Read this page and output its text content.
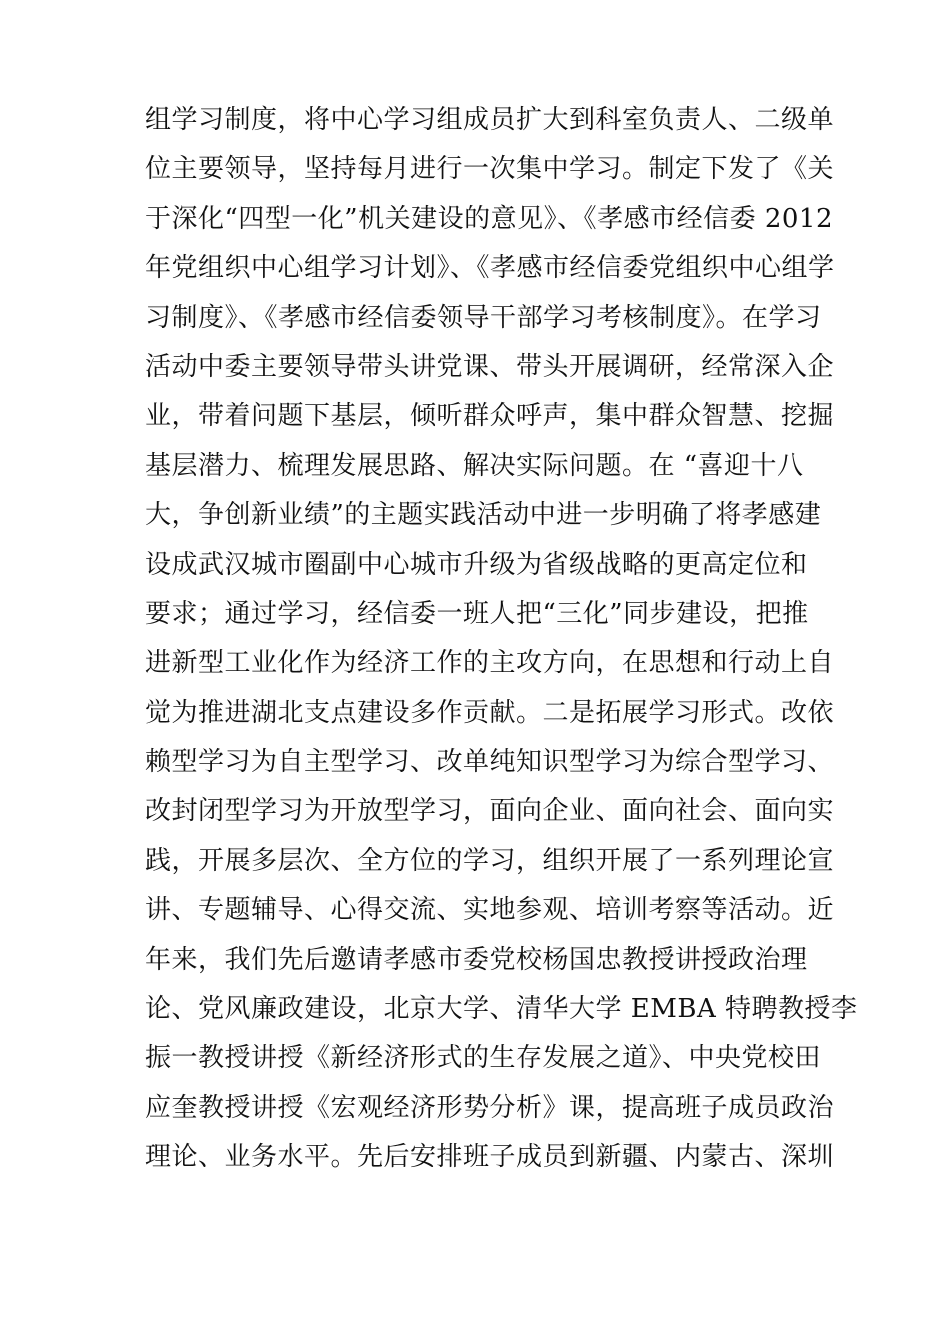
组学习制度，将中心学习组成员扩大到科室负责人、二级单
位主要领导，坚持每月进行一次集中学习。制定下发了《关
于深化“四型一化”机关建设的意见》、《孝感市经信委 2012
年党组织中心组学习计划》、《孝感市经信委党组织中心组学
习制度》、《孝感市经信委领导干部学习考核制度》。在学习
活动中委主要领导带头讲党课、带头开展调研，经常深入企
业，带着问题下基层，倾听群众呼声，集中群众智慧、挖掘
基层潜力、梳理发展思路、解决实际问题。在 “喜迎十八
大，争创新业绩”的主题实践活动中进一步明确了将孝感建
设成武汉城市圈副中心城市升级为省级战略的更高定位和
要求；通过学习，经信委一班人把“三化”同步建设，把推
进新型工业化作为经济工作的主攻方向，在思想和行动上自
觉为推进湖北支点建设多作贡献。二是拓展学习形式。改依
赖型学习为自主型学习、改单纯知识型学习为综合型学习、
改封闭型学习为开放型学习，面向企业、面向社会、面向实
践，开展多层次、全方位的学习，组织开展了一系列理论宣
讲、专题辅导、心得交流、实地参观、培训考察等活动。近
年来，我们先后邀请孝感市委党校杨国忠教授讲授政治理
论、党风廉政建设，北京大学、清华大学 EMBA 特聘教授李
振一教授讲授《新经济形式的生存发展之道》、中央党校田
应奎教授讲授《宏观经济形势分析》课，提高班子成员政治
理论、业务水平。先后安排班子成员到新疆、内蒙古、深圳
